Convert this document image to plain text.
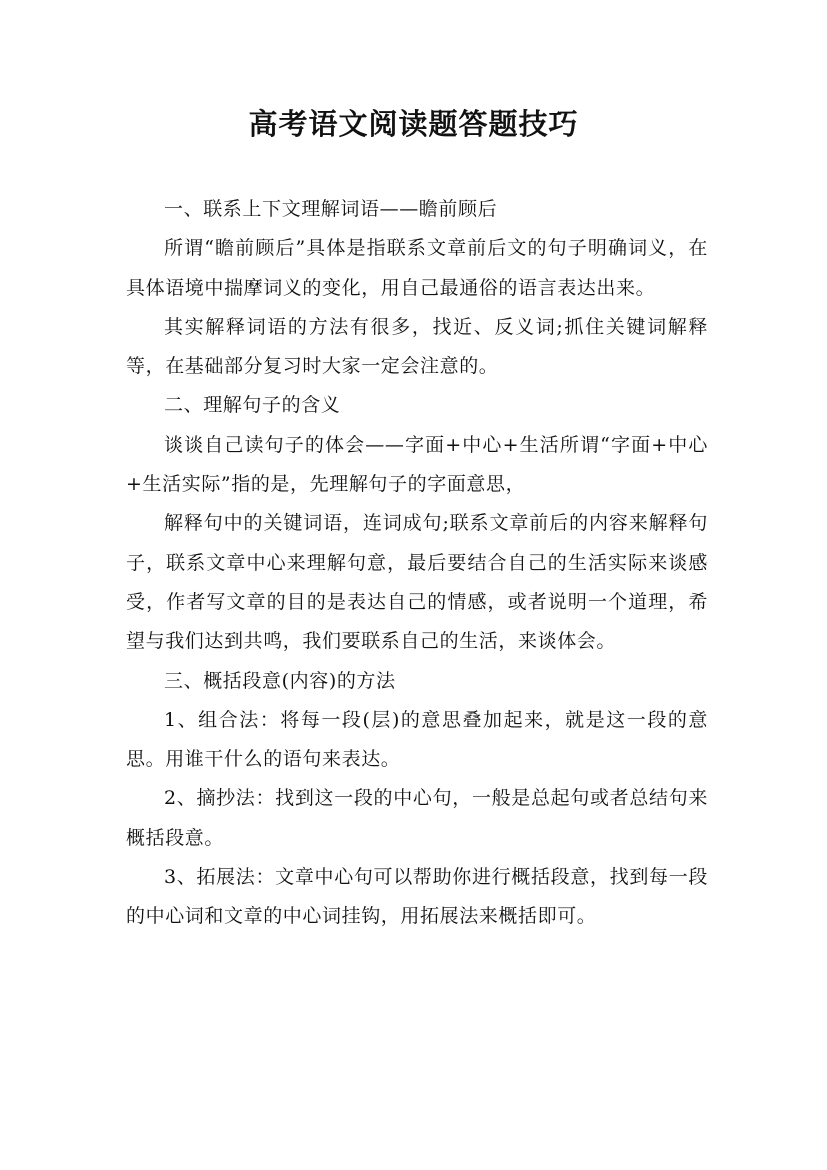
高考语文阅读题答题技巧

一、联系上下文理解词语——瞻前顾后

所谓“瞻前顾后”具体是指联系文章前后文的句子明确词义，在具体语境中揣摩词义的变化，用自己最通俗的语言表达出来。

其实解释词语的方法有很多，找近、反义词;抓住关键词解释等，在基础部分复习时大家一定会注意的。

二、理解句子的含义

谈谈自己读句子的体会——字面+中心+生活所谓“字面+中心+生活实际”指的是，先理解句子的字面意思，

解释句中的关键词语，连词成句;联系文章前后的内容来解释句子，联系文章中心来理解句意，最后要结合自己的生活实际来谈感受，作者写文章的目的是表达自己的情感，或者说明一个道理，希望与我们达到共鸣，我们要联系自己的生活，来谈体会。

三、概括段意(内容)的方法

1、组合法：将每一段(层)的意思叠加起来，就是这一段的意思。用谁干什么的语句来表达。

2、摘抄法：找到这一段的中心句，一般是总起句或者总结句来概括段意。

3、拓展法：文章中心句可以帮助你进行概括段意，找到每一段的中心词和文章的中心词挂钩，用拓展法来概括即可。
